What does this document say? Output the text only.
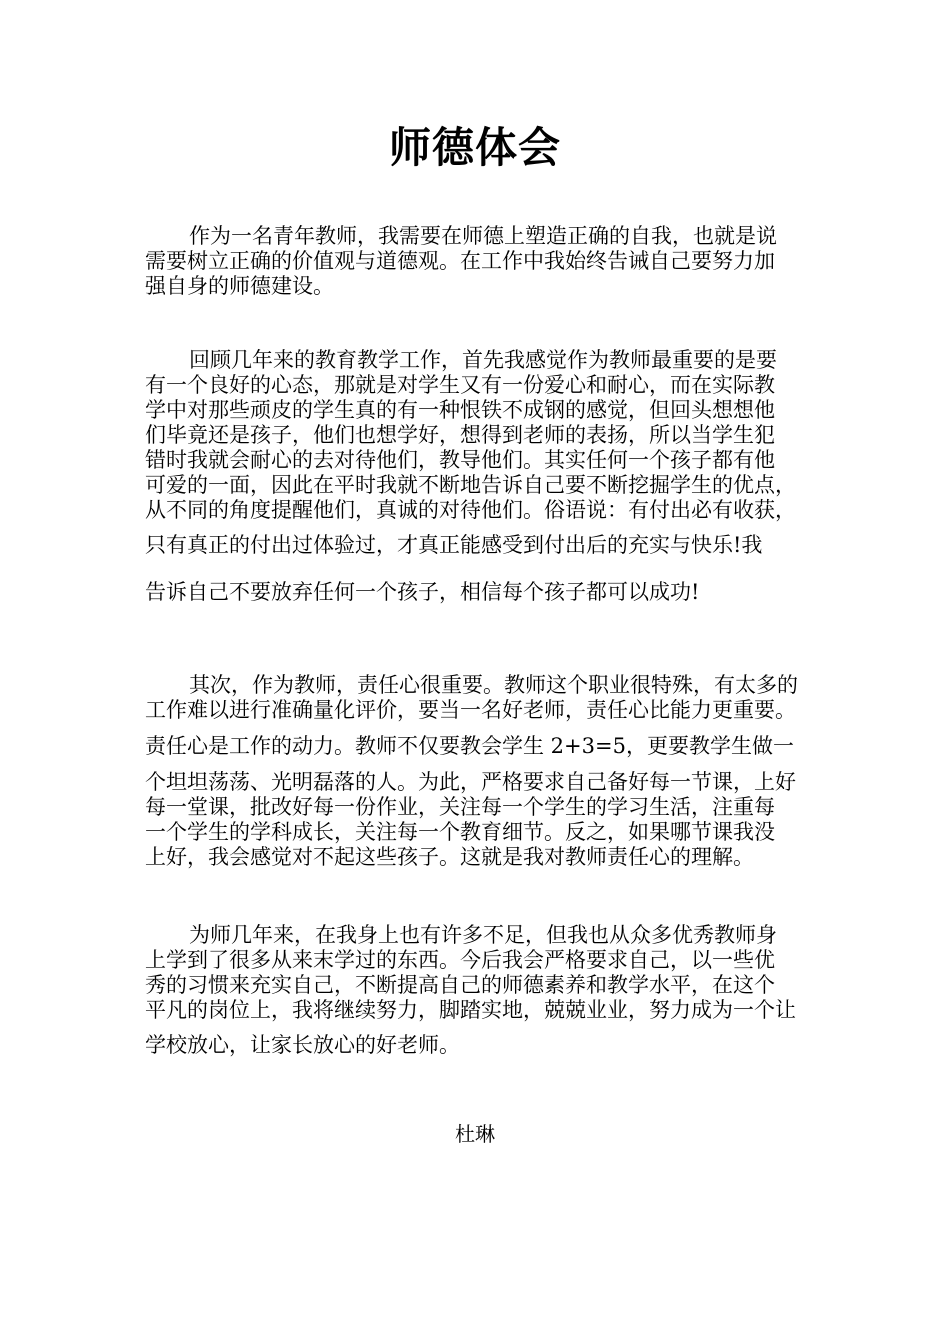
师德体会
作为一名青年教师，我需要在师德上塑造正确的自我，也就是说
需要树立正确的价值观与道德观。在工作中我始终告诫自己要努力加
强自身的师德建设。
回顾几年来的教育教学工作，首先我感觉作为教师最重要的是要
有一个良好的心态，那就是对学生又有一份爱心和耐心，而在实际教
学中对那些顽皮的学生真的有一种恨铁不成钢的感觉，但回头想想他
们毕竟还是孩子，他们也想学好，想得到老师的表扬，所以当学生犯
错时我就会耐心的去对待他们，教导他们。其实任何一个孩子都有他
可爱的一面，因此在平时我就不断地告诉自己要不断挖掘学生的优点，
从不同的角度提醒他们，真诚的对待他们。俗语说：有付出必有收获，
只有真正的付出过体验过，才真正能感受到付出后的充实与快乐!我
告诉自己不要放弃任何一个孩子，相信每个孩子都可以成功!
其次，作为教师，责任心很重要。教师这个职业很特殊，有太多的
工作难以进行准确量化评价，要当一名好老师，责任心比能力更重要。
责任心是工作的动力。教师不仅要教会学生 2+3=5，更要教学生做一
个坦坦荡荡、光明磊落的人。为此，严格要求自己备好每一节课，上好
每一堂课，批改好每一份作业，关注每一个学生的学习生活，注重每
一个学生的学科成长，关注每一个教育细节。反之，如果哪节课我没
上好，我会感觉对不起这些孩子。这就是我对教师责任心的理解。
为师几年来，在我身上也有许多不足，但我也从众多优秀教师身
上学到了很多从来末学过的东西。今后我会严格要求自己，以一些优
秀的习惯来充实自己，不断提高自己的师德素养和教学水平，在这个
平凡的岗位上，我将继续努力，脚踏实地，兢兢业业，努力成为一个让
学校放心，让家长放心的好老师。
杜琳
